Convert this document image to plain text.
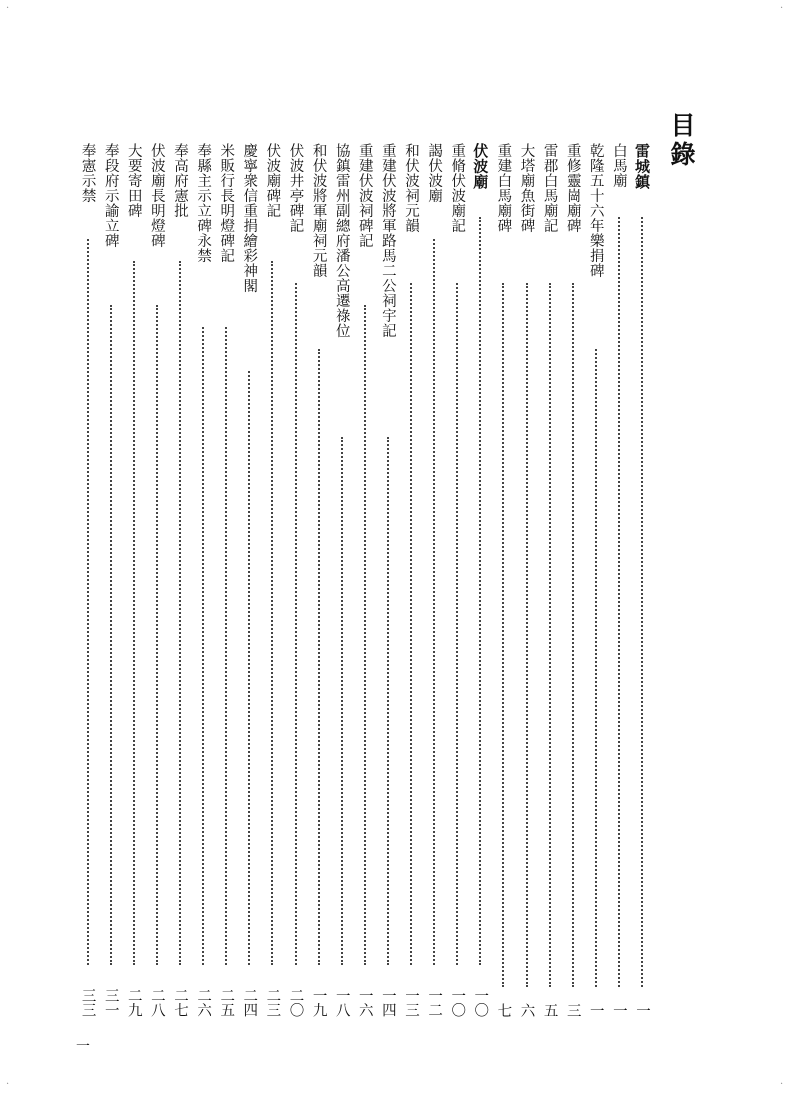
目錄
雷城鎮
一
白馬廟
一
乾隆五十六年樂捐碑
一
重修靈崗廟碑
三
雷郡白馬廟記
五
大塔廟魚街碑
六
重建白馬廟碑
七
伏波廟
一〇
重脩伏波廟記
一〇
謁伏波廟
一二
和伏波祠元韻
一三
重建伏波將軍路馬二公祠宇記
一四
重建伏波祠碑記
一六
協鎮雷州副總府潘公高遷祿位
一八
和伏波將軍廟祠元韻
一九
伏波井亭碑記
二〇
伏波廟碑記
二三
慶寧衆信重捐繪彩神閣
二四
米販行長明燈碑記
二五
奉縣主示立碑永禁
二六
奉高府憲批
二七
伏波廟長明燈碑
二八
大要寄田碑
二九
奉段府示諭立碑
三一
奉憲示禁
三三
一
·	·
·	·
